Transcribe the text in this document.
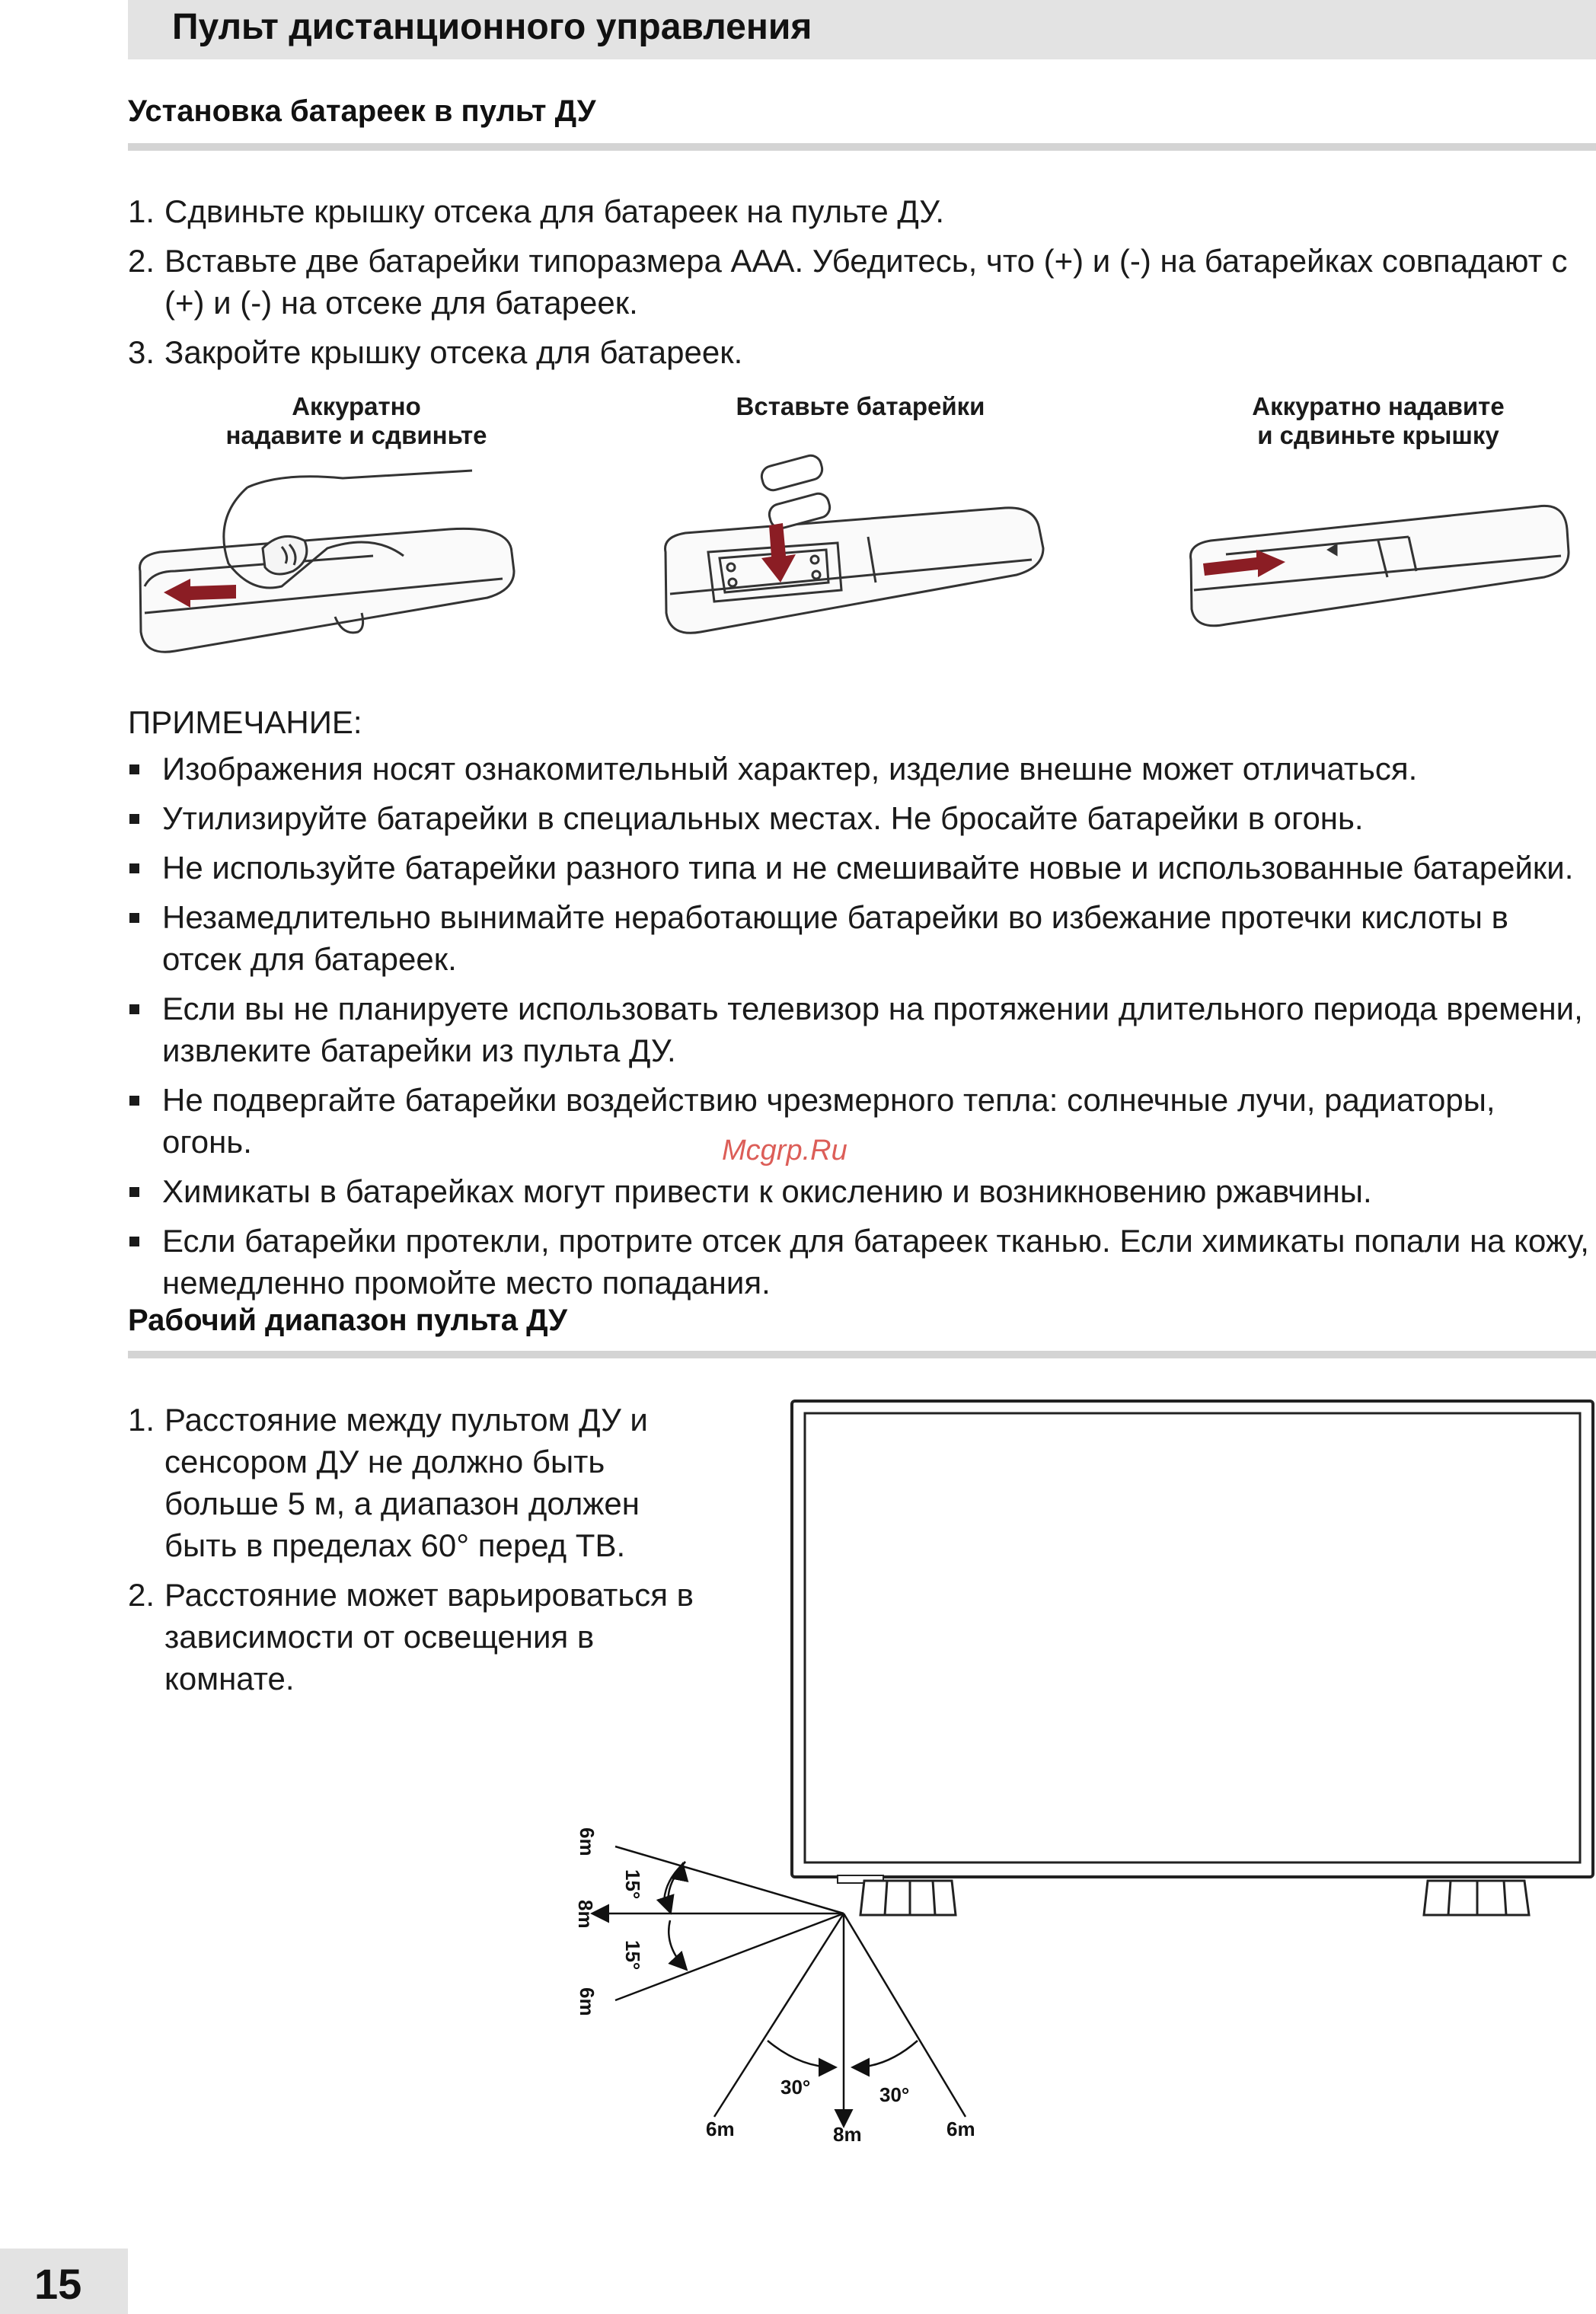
Пульт дистанционного управления
Установка батареек в пульт ДУ
1. Сдвиньте крышку отсека для батареек на пульте ДУ.
2. Вставьте две батарейки типоразмера ААА. Убедитесь, что (+) и (-) на батарейках совпадают с (+) и (-) на отсеке для батареек.
3. Закройте крышку отсека для батареек.
Аккуратно
надавите и сдвиньте
Вставьте батарейки	Аккуратно надавите
и сдвиньте крышку

ПРИМЕЧАНИЕ:

Изображения носят ознакомительный характер, изделие внешне может отличаться.
Утилизируйте батарейки в специальных местах. Не бросайте батарейки в огонь.
Не используйте батарейки разного типа и не смешивайте новые и использованные батарейки.
Незамедлительно вынимайте неработающие батарейки во избежание протечки кислоты в отсек для батареек.
Если вы не планируете использовать телевизор на протяжении длительного периода времени, извлеките батарейки из пульта ДУ.
Не подвергайте батарейки воздействию чрезмерного тепла: солнечные лучи, радиаторы, огонь.
Химикаты в батарейках могут привести к окислению и возникновению ржавчины.
Если батарейки протекли, протрите отсек для батареек тканью. Если химикаты попали на кожу, немедленно промойте место попадания.
Mcgrp.Ru
Рабочий диапазон пульта ДУ
1. Расстояние между пультом ДУ и сенсором ДУ не должно быть больше 5 м, а диапазон должен быть в пределах 60° перед ТВ.
2. Расстояние может варьироваться в зависимости от освещения в комнате.
6m
8m
6m
15°
15°
30°	30°
6m	8m	6m
15
